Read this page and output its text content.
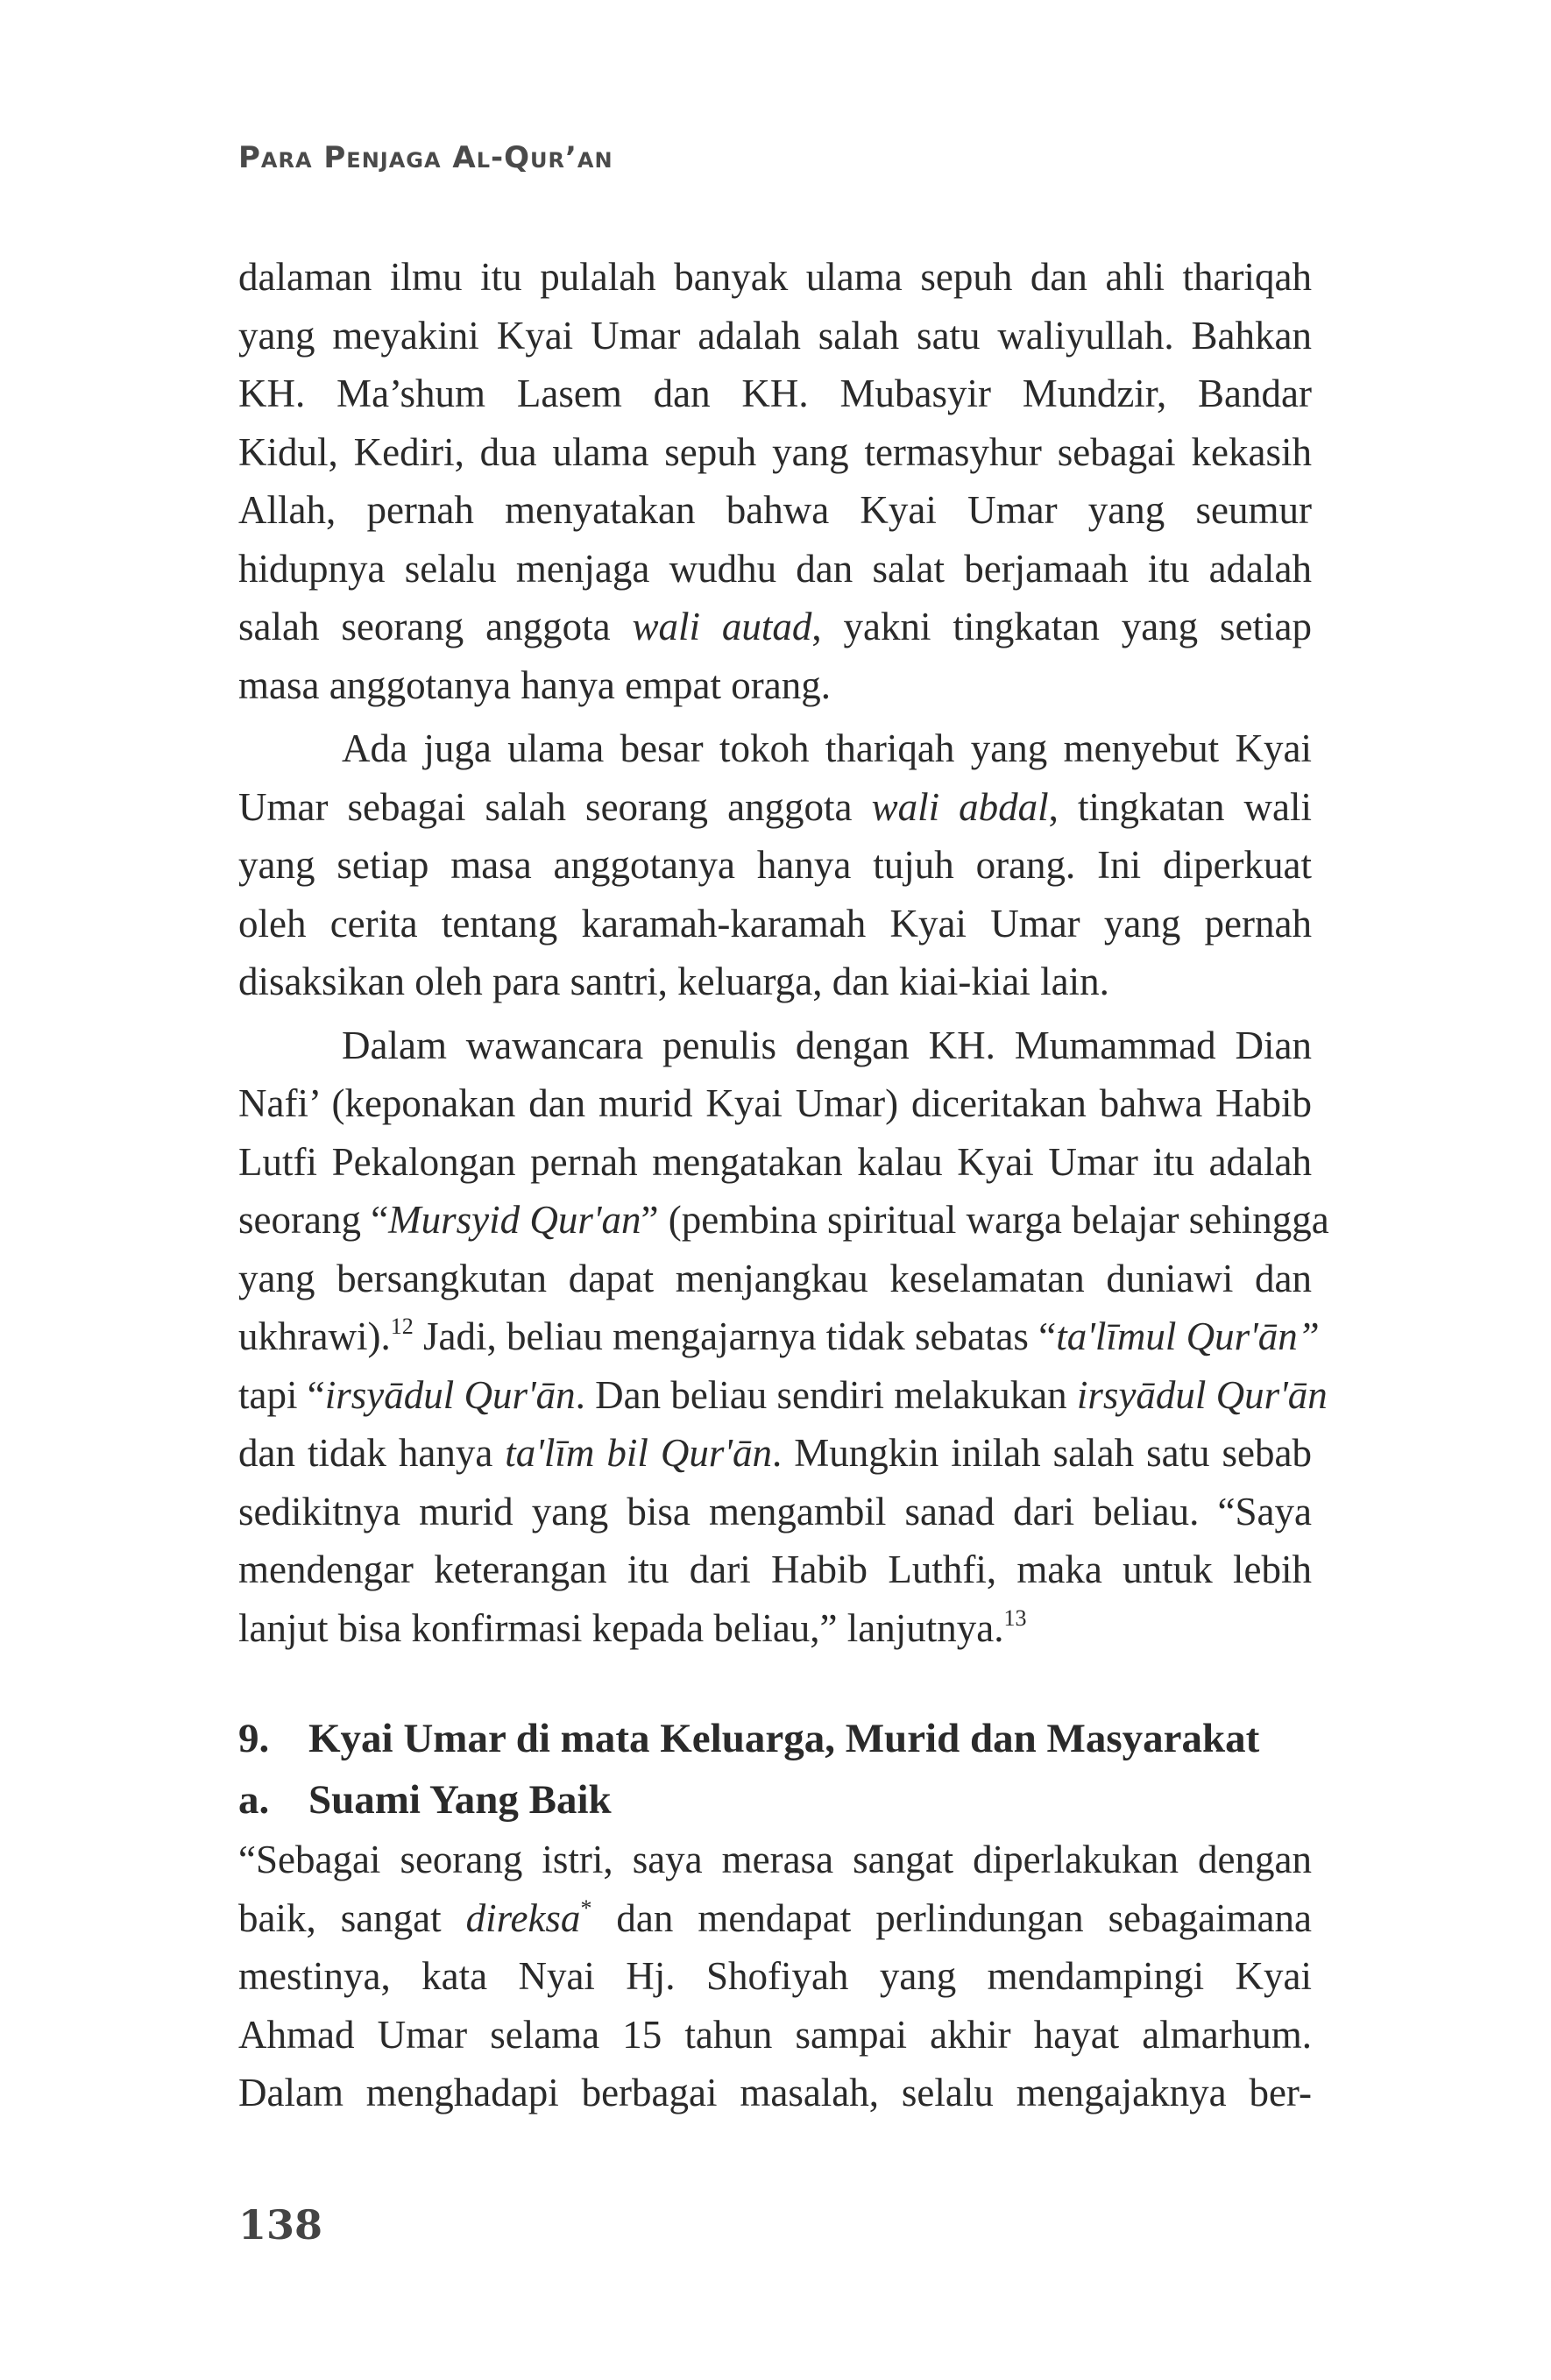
Para Penjaga Al-Qur’an
dalaman ilmu itu pulalah banyak ulama sepuh dan ahli thariqah
yang meyakini Kyai Umar adalah salah satu waliyullah. Bahkan
KH. Ma’shum Lasem dan KH. Mubasyir Mundzir, Bandar
Kidul, Kediri, dua ulama sepuh yang termasyhur sebagai kekasih
Allah, pernah menyatakan bahwa Kyai Umar yang seumur
hidupnya selalu menjaga wudhu dan salat berjamaah itu adalah
salah seorang anggota wali autad, yakni tingkatan yang setiap
masa anggotanya hanya empat orang.
Ada juga ulama besar tokoh thariqah yang menyebut Kyai
Umar sebagai salah seorang anggota wali abdal, tingkatan wali
yang setiap masa anggotanya hanya tujuh orang. Ini diperkuat
oleh cerita tentang karamah-karamah Kyai Umar yang pernah
disaksikan oleh para santri, keluarga, dan kiai-kiai lain.
Dalam wawancara penulis dengan KH. Mumammad Dian
Nafi’ (keponakan dan murid Kyai Umar) diceritakan bahwa Habib
Lutfi Pekalongan pernah mengatakan kalau Kyai Umar itu adalah
seorang “Mursyid Qur'an” (pembina spiritual warga belajar sehingga
yang bersangkutan dapat menjangkau keselamatan duniawi dan
ukhrawi).$^{12}$ Jadi, beliau mengajarnya tidak sebatas “ta'līmul Qur'ān”
tapi “irsyādul Qur'ān. Dan beliau sendiri melakukan irsyādul Qur'ān
dan tidak hanya ta'līm bil Qur'ān. Mungkin inilah salah satu sebab
sedikitnya murid yang bisa mengambil sanad dari beliau. “Saya
mendengar keterangan itu dari Habib Luthfi, maka untuk lebih
lanjut bisa konfirmasi kepada beliau,” lanjutnya.$^{13}$
9. Kyai Umar di mata Keluarga, Murid dan Masyarakat
a. Suami Yang Baik
“Sebagai seorang istri, saya merasa sangat diperlakukan dengan
baik, sangat direksa* dan mendapat perlindungan sebagaimana
mestinya, kata Nyai Hj. Shofiyah yang mendampingi Kyai
Ahmad Umar selama 15 tahun sampai akhir hayat almarhum.
Dalam menghadapi berbagai masalah, selalu mengajaknya ber-
138
